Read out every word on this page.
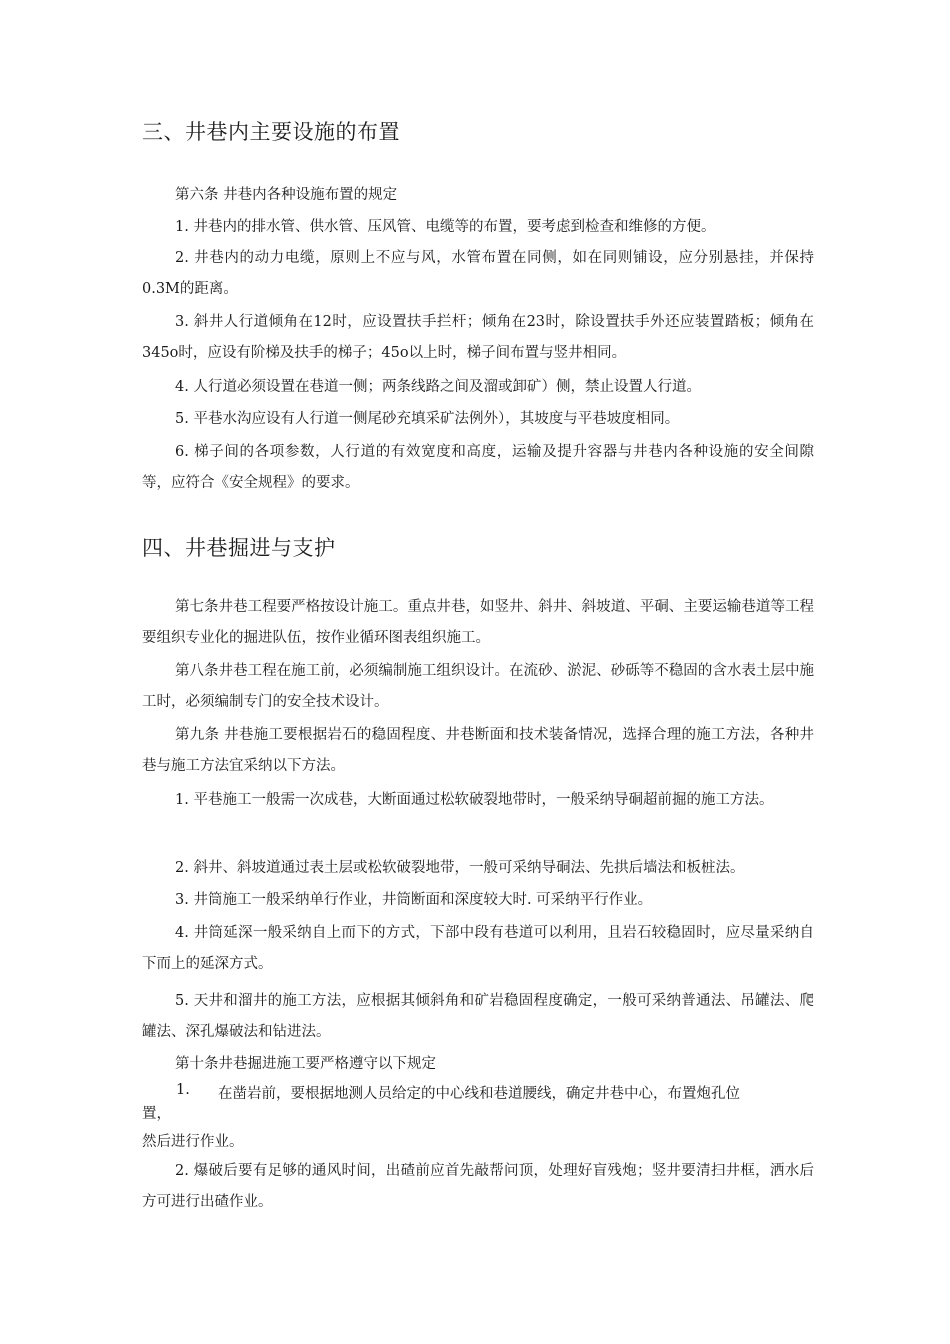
三、井巷内主要设施的布置

第六条 井巷内各种设施布置的规定

1. 井巷内的排水管、供水管、压风管、电缆等的布置，要考虑到检查和维修的方便。

2. 井巷内的动力电缆，原则上不应与风，水管布置在同侧，如在同则铺设，应分别悬挂，并保持0.3M的距离。

3. 斜井人行道倾角在12时，应设置扶手拦杆；倾角在23时，除设置扶手外还应装置踏板；倾角在345o时，应设有阶梯及扶手的梯子；45o以上时，梯子间布置与竖井相同。

4. 人行道必须设置在巷道一侧；两条线路之间及溜或卸矿）侧，禁止设置人行道。

5. 平巷水沟应设有人行道一侧尾砂充填采矿法例外），其坡度与平巷坡度相同。

6. 梯子间的各项参数，人行道的有效宽度和高度，运输及提升容器与井巷内各种设施的安全间隙等，应符合《安全规程》的要求。

四、井巷掘进与支护

第七条井巷工程要严格按设计施工。重点井巷，如竖井、斜井、斜坡道、平硐、主要运输巷道等工程要组织专业化的掘进队伍，按作业循环图表组织施工。

第八条井巷工程在施工前，必须编制施工组织设计。在流砂、淤泥、砂砾等不稳固的含水表土层中施工时，必须编制专门的安全技术设计。

第九条 井巷施工要根据岩石的稳固程度、井巷断面和技术装备情况，选择合理的施工方法，各种井巷与施工方法宜采纳以下方法。

1. 平巷施工一般需一次成巷，大断面通过松软破裂地带时，一般采纳导硐超前掘的施工方法。

2. 斜井、斜坡道通过表土层或松软破裂地带，一般可采纳导硐法、先拱后墙法和板桩法。

3. 井筒施工一般采纳单行作业，井筒断面和深度较大时. 可采纳平行作业。

4. 井筒延深一般采纳自上而下的方式，下部中段有巷道可以利用，且岩石较稳固时，应尽量采纳自下而上的延深方式。

5. 天井和溜井的施工方法，应根据其倾斜角和矿岩稳固程度确定，一般可采纳普通法、吊罐法、爬罐法、深孔爆破法和钻进法。

第十条井巷掘进施工要严格遵守以下规定

1. 在凿岩前，要根据地测人员给定的中心线和巷道腰线，确定井巷中心，布置炮孔位
置，
然后进行作业。

2. 爆破后要有足够的通风时间，出碴前应首先敲帮问顶，处理好盲残炮；竖井要清扫井框，洒水后方可进行出碴作业。
